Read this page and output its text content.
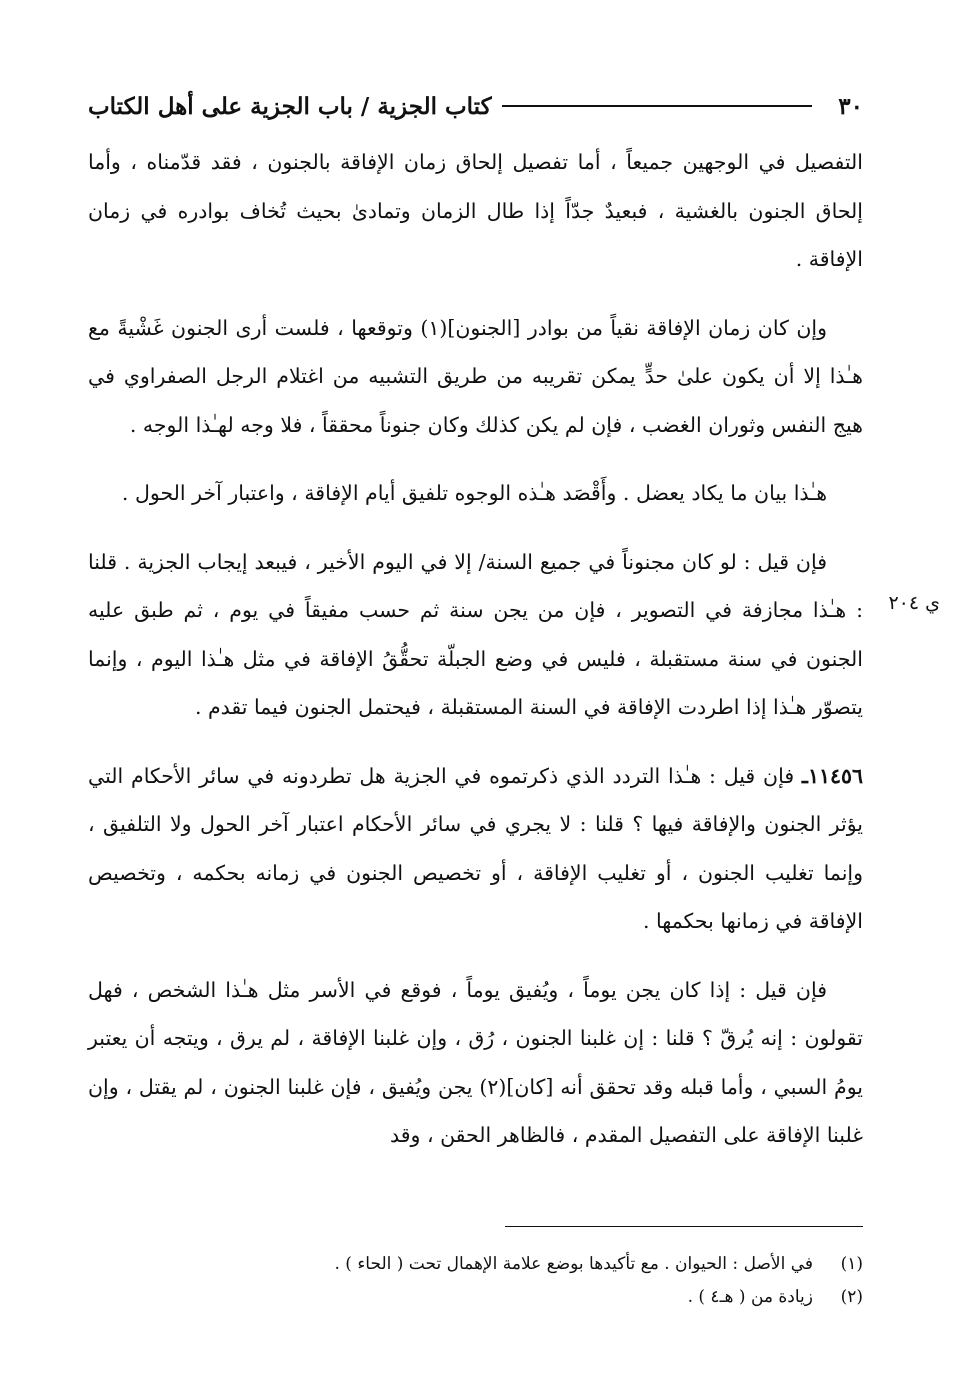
٣٠
كتاب الجزية / باب الجزية على أهل الكتاب
ي ٢٠٤

التفصيل في الوجهين جميعاً ، أما تفصيل إلحاق زمان الإفاقة بالجنون ، فقد قدّمناه ، وأما إلحاق الجنون بالغشية ، فبعيدٌ جدّاً إذا طال الزمان وتمادىٰ بحيث تُخاف بوادره في زمان الإفاقة .

وإن كان زمان الإفاقة نقياً من بوادر [الجنون](١) وتوقعها ، فلست أرى الجنون غَشْيةً مع هـٰذا إلا أن يكون علىٰ حدٍّ يمكن تقريبه من طريق التشبيه من اغتلام الرجل الصفراوي في هيج النفس وثوران الغضب ، فإن لم يكن كذلك وكان جنوناً محققاً ، فلا وجه لهـٰذا الوجه .

هـٰذا بيان ما يكاد يعضل . وأَقْصَد هـٰذه الوجوه تلفيق أيام الإفاقة ، واعتبار آخر الحول .

فإن قيل : لو كان مجنوناً في جميع السنة/ إلا في اليوم الأخير ، فيبعد إيجاب الجزية . قلنا : هـٰذا مجازفة في التصوير ، فإن من يجن سنة ثم حسب مفيقاً في يوم ، ثم طبق عليه الجنون في سنة مستقبلة ، فليس في وضع الجبلّة تحقُّقُ الإفاقة في مثل هـٰذا اليوم ، وإنما يتصوّر هـٰذا إذا اطردت الإفاقة في السنة المستقبلة ، فيحتمل الجنون فيما تقدم .

١١٤٥٦ـ فإن قيل : هـٰذا التردد الذي ذكرتموه في الجزية هل تطردونه في سائر الأحكام التي يؤثر الجنون والإفاقة فيها ؟ قلنا : لا يجري في سائر الأحكام اعتبار آخر الحول ولا التلفيق ، وإنما تغليب الجنون ، أو تغليب الإفاقة ، أو تخصيص الجنون في زمانه بحكمه ، وتخصيص الإفاقة في زمانها بحكمها .

فإن قيل : إذا كان يجن يوماً ، ويُفيق يوماً ، فوقع في الأسر مثل هـٰذا الشخص ، فهل تقولون : إنه يُرقّ ؟ قلنا : إن غلبنا الجنون ، رُق ، وإن غلبنا الإفاقة ، لم يرق ، ويتجه أن يعتبر يومُ السبي ، وأما قبله وقد تحقق أنه [كان](٢) يجن ويُفيق ، فإن غلبنا الجنون ، لم يقتل ، وإن غلبنا الإفاقة على التفصيل المقدم ، فالظاهر الحقن ، وقد

(١)
في الأصل : الحيوان . مع تأكيدها بوضع علامة الإهمال تحت ( الحاء ) .
(٢)
زيادة من ( هـ٤ ) .
